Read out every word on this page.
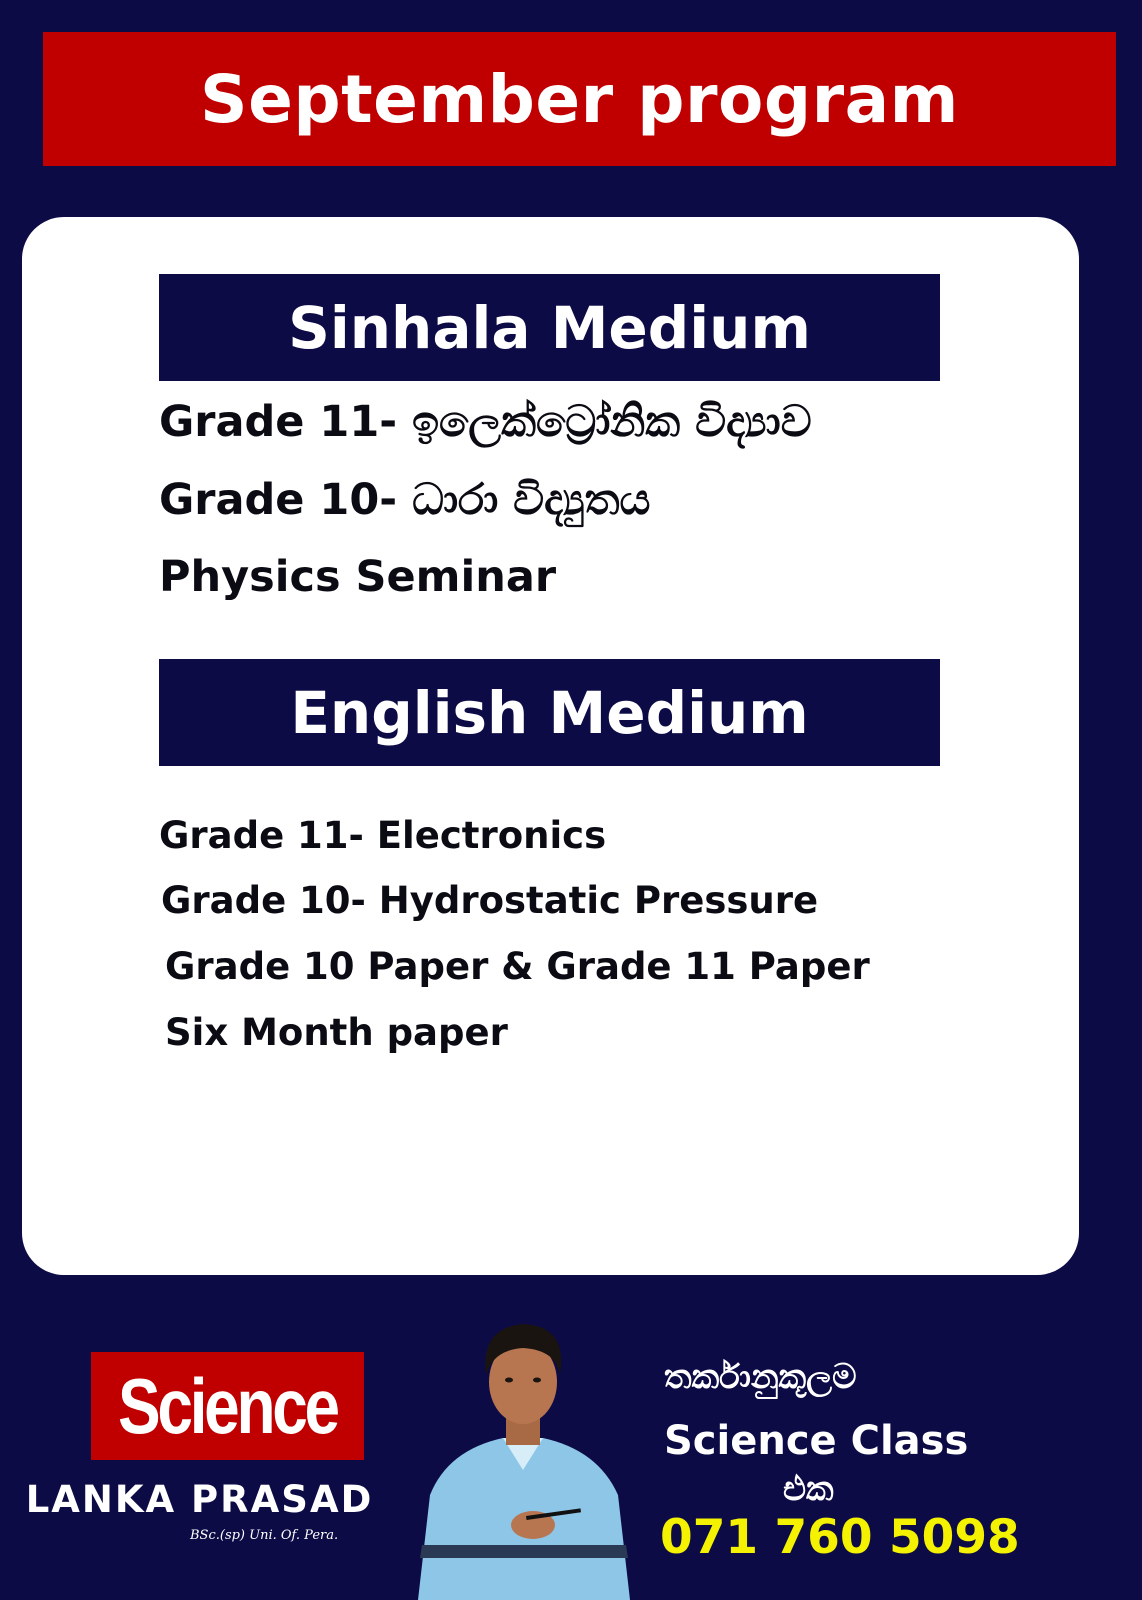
September program
Sinhala Medium
Grade 11- ඉලෙක්ට්‍රෝනික විද්‍යාව
Grade 10- ධාරා විද්‍යුතය
Physics Seminar
English Medium
Grade 11- Electronics
Grade 10- Hydrostatic Pressure
Grade 10 Paper & Grade 11 Paper
Six Month paper
Science
LANKA PRASAD
BSc.(sp) Uni. Of. Pera.
තර්කානුකූලම
Science Class
එක
071 760 5098
